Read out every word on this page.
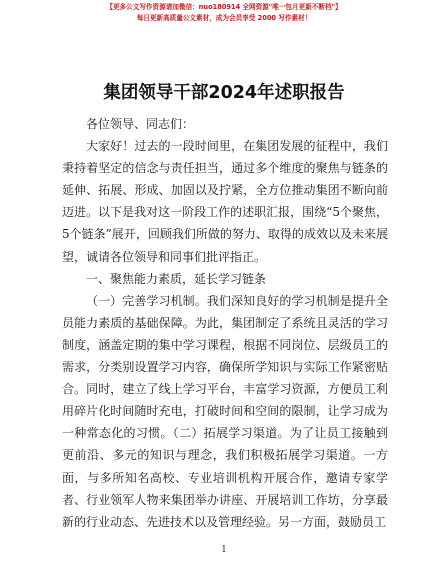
【更多公文写作资源请加微信：nuo180914 全网资源"唯一包月更新不断档"】
每日更新高质量公文素材，成为会员享受 2000 写作素材！
集团领导干部2024年述职报告

各位领导、同志们：

大家好！过去的一段时间里，在集团发展的征程中，我们秉持着坚定的信念与责任担当，通过多个维度的聚焦与链条的延伸、拓展、形成、加固以及拧紧，全方位推动集团不断向前迈进。以下是我对这一阶段工作的述职汇报，围绕“5个聚焦，5个链条”展开，回顾我们所做的努力、取得的成效以及未来展望，诚请各位领导和同事们批评指正。

一、聚焦能力素质，延长学习链条

（一）完善学习机制。我们深知良好的学习机制是提升全员能力素质的基础保障。为此，集团制定了系统且灵活的学习制度，涵盖定期的集中学习课程，根据不同岗位、层级员工的需求，分类别设置学习内容，确保所学知识与实际工作紧密贴合。同时，建立了线上学习平台，丰富学习资源，方便员工利用碎片化时间随时充电，打破时间和空间的限制，让学习成为一种常态化的习惯。（二）拓展学习渠道。为了让员工接触到更前沿、多元的知识与理念，我们积极拓展学习渠道。一方面，与多所知名高校、专业培训机构开展合作，邀请专家学者、行业领军人物来集团举办讲座、开展培训工作坊，分享最新的行业动态、先进技术以及管理经验。另一方面，鼓励员工

1
